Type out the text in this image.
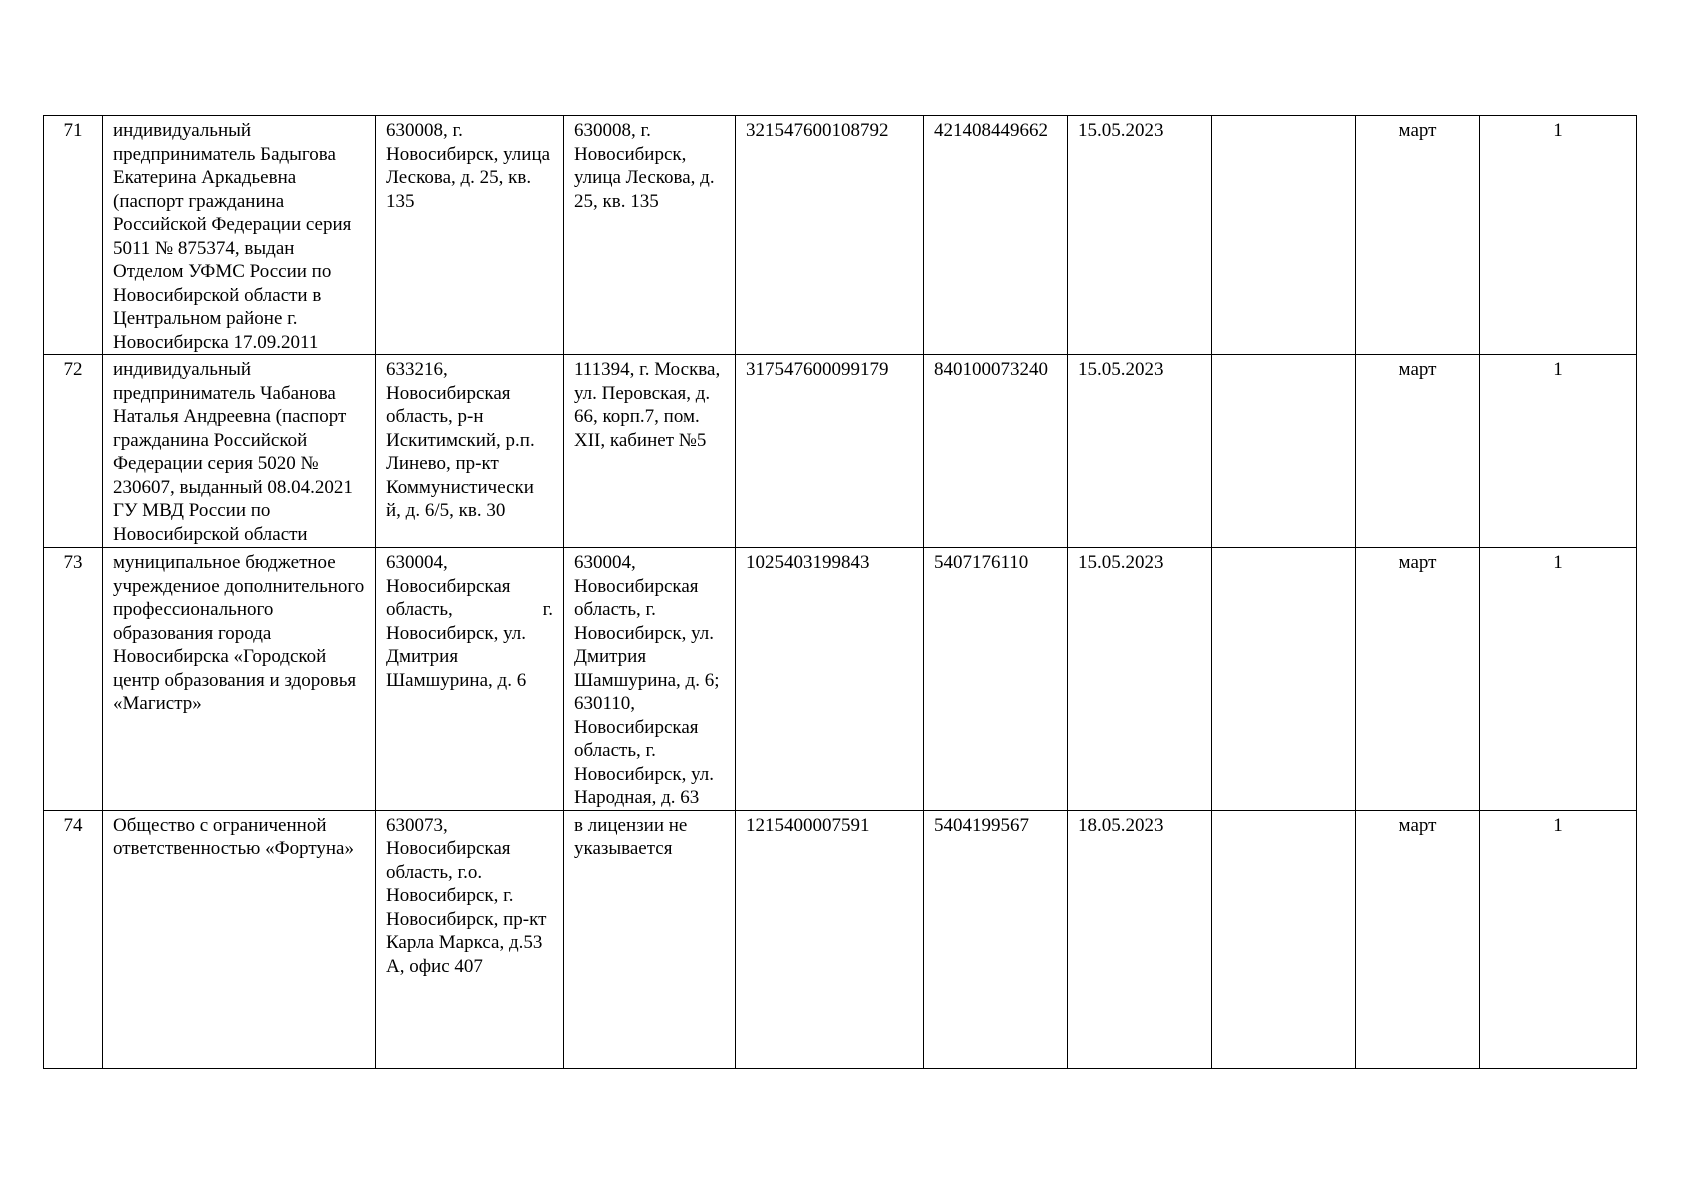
71	индивидуальный предприниматель Бадыгова Екатерина Аркадьевна (паспорт гражданина Российской Федерации серия 5011 № 875374, выдан Отделом УФМС России по Новосибирской области в Центральном районе г. Новосибирска 17.09.2011	630008, г. Новосибирск, улица Лескова, д. 25, кв. 135	630008, г. Новосибирск, улица Лескова, д. 25, кв. 135	321547600108792	421408449662	15.05.2023		март	1
72	индивидуальный предприниматель Чабанова Наталья Андреевна (паспорт гражданина Российской Федерации серия 5020 № 230607, выданный 08.04.2021 ГУ МВД России по Новосибирской области	633216, Новосибирская область, р-н Искитимский, р.п. Линево, пр-кт Коммунистически й, д. 6/5, кв. 30	111394, г. Москва, ул. Перовская, д. 66, корп.7, пом. XII, кабинет №5	317547600099179	840100073240	15.05.2023		март	1
73	муниципальное бюджетное учреждениое дополнительного профессионального образования города Новосибирска «Городской центр образования и здоровья «Магистр»	630004, Новосибирская
область, г.
Новосибирск, ул. Дмитрия Шамшурина, д. 6	630004, Новосибирская область, г. Новосибирск, ул. Дмитрия Шамшурина, д. 6; 630110, Новосибирская область, г. Новосибирск, ул. Народная, д. 63	1025403199843	5407176110	15.05.2023		март	1
74	Общество с ограниченной ответственностью «Фортуна»	630073, Новосибирская область, г.о. Новосибирск, г. Новосибирск, пр-кт Карла Маркса, д.53 А, офис 407	в лицензии не указывается	1215400007591	5404199567	18.05.2023		март	1
